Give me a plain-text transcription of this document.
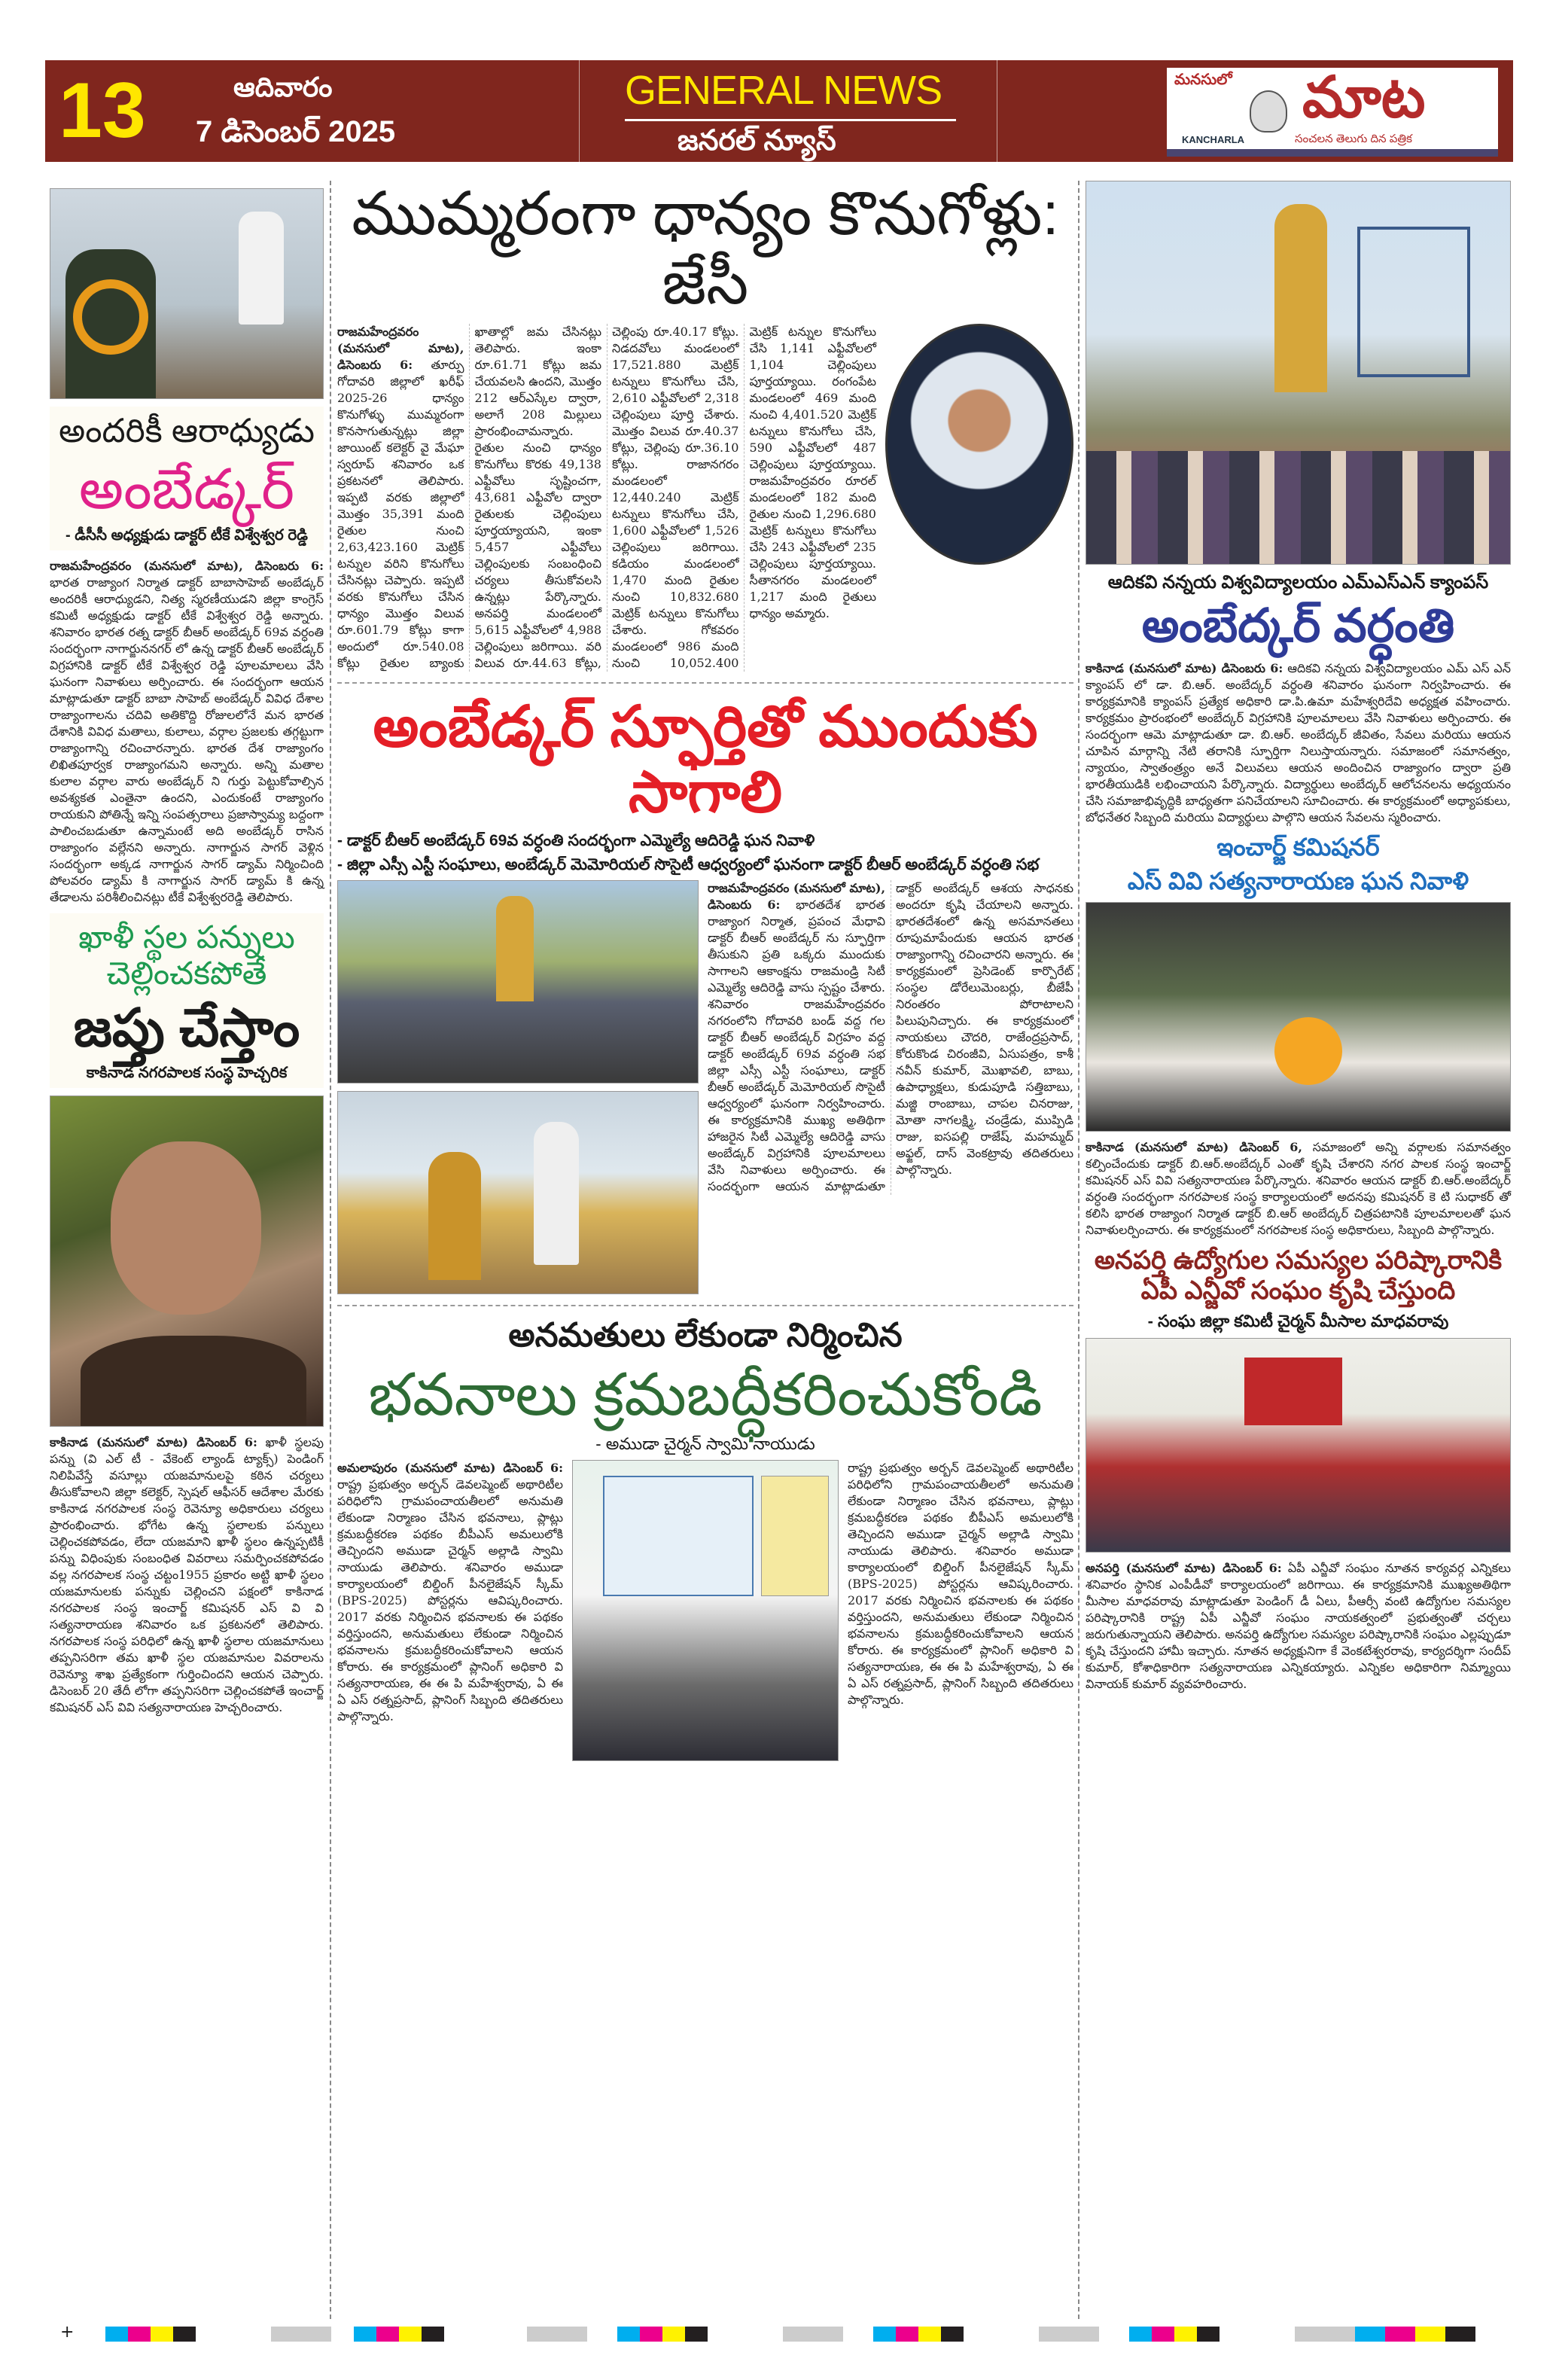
13	ఆదివారం
7 డిసెంబర్ 2025
GENERAL NEWS
జనరల్ న్యూస్
మనసులో మాట
KANCHARLA	సంచలన తెలుగు దిన పత్రిక
అందరికీ ఆరాధ్యుడు
అంబేడ్కర్
- డీసీసీ అధ్యక్షుడు డాక్టర్ టీకే విశ్వేశ్వర రెడ్డి
రాజమహేంద్రవరం (మనసులో మాట), డిసెంబరు 6: భారత రాజ్యాంగ నిర్మాత డాక్టర్ బాబాసాహెబ్ అంబేడ్కర్ అందరికీ ఆరాధ్యుడని, నిత్య స్మరణీయుడని జిల్లా కాంగ్రెస్ కమిటీ అధ్యక్షుడు డాక్టర్ టీకే విశ్వేశ్వర రెడ్డి అన్నారు. శనివారం భారత రత్న డాక్టర్ బీఆర్ అంబేడ్కర్ 69వ వర్ధంతి సందర్భంగా నాగార్జుననగర్ లో ఉన్న డాక్టర్ బీఆర్ అంబేడ్కర్ విగ్రహానికి డాక్టర్ టీకే విశ్వేశ్వర రెడ్డి పూలమాలలు వేసి ఘనంగా నివాళులు అర్పించారు. ఈ సందర్భంగా ఆయన మాట్లాడుతూ డాక్టర్ బాబా సాహెబ్ అంబేడ్కర్ వివిధ దేశాల రాజ్యాంగాలను చదివి అతికొద్ది రోజులలోనే మన భారత దేశానికి వివిధ మతాలు, కులాలు, వర్గాల ప్రజలకు తగ్గట్టుగా రాజ్యాంగాన్ని రచించారన్నారు. భారత దేశ రాజ్యాంగం లిఖితపూర్వక రాజ్యాంగమని అన్నారు. అన్ని మతాల కులాల వర్గాల వారు అంబేడ్కర్ ని గుర్తు పెట్టుకోవాల్సిన అవశ్యకత ఎంతైనా ఉందని, ఎందుకంటే రాజ్యాంగం రాయకుని పోతిన్నే ఇన్ని సంపత్సరాలు ప్రజాస్వామ్య బద్దంగా పాలించబడుతూ ఉన్నామంటే అది అంబేడ్కర్ రాసిన రాజ్యాంగం వల్లేనని అన్నారు. నాగార్జున సాగర్ వెళ్లిన సందర్భంగా అక్కడ నాగార్జున సాగర్ డ్యామ్ నిర్మించింది పోలవరం డ్యామ్ కి నాగార్జున సాగర్ డ్యామ్ కి ఉన్న తేడాలను పరిశీలించినట్లు టీకే విశ్వేశ్వరరెడ్డి తెలిపారు.
ఖాళీ స్థల పన్నులు చెల్లించకపోతే
జప్తు చేస్తాం
కాకినాడ నగరపాలక సంస్థ హెచ్చరిక
కాకినాడ (మనసులో మాట) డిసెంబర్ 6: ఖాళీ స్థలపు పన్ను (వి ఎల్ టీ - వేకెంట్ ల్యాండ్ ట్యాక్స్) పెండింగ్ నిలిపివేస్తే వసూల్లు యజమానులపై కఠిన చర్యలు తీసుకోవాలని జిల్లా కలెక్టర్, స్పెషల్ ఆఫీసర్ ఆదేశాల మేరకు కాకినాడ నగరపాలక సంస్థ రెవెన్యూ అధికారులు చర్యలు ప్రారంభించారు. భోగేట ఉన్న స్థలాలకు పన్నులు చెల్లించకపోవడం, లేదా యజమాని ఖాళీ స్థలం ఉన్నప్పటికీ పన్ను విధింపుకు సంబంధిత వివరాలు సమర్పించకపోవడం వల్ల నగరపాలక సంస్థ చట్టం1955 ప్రకారం అట్టి ఖాళీ స్థలం యజమానులకు పన్నుకు చెల్లించని పక్షంలో కాకినాడ నగరపాలక సంస్థ ఇంచార్జ్ కమిషనర్ ఎస్ వి వి సత్యనారాయణ శనివారం ఒక ప్రకటనలో తెలిపారు. నగరపాలక సంస్థ పరిధిలో ఉన్న ఖాళీ స్థలాల యజమానులు తప్పనిసరిగా తమ ఖాళీ స్థల యజమానుల వివరాలను రెవెన్యూ శాఖ ప్రత్యేకంగా గుర్తించిందని ఆయన చెప్పారు. డిసెంబర్ 20 తేదీ లోగా తప్పనిసరిగా చెల్లించకపోతే ఇంచార్జ్ కమిషనర్ ఎస్ వివి సత్యనారాయణ హెచ్చరించారు.
ముమ్మరంగా ధాన్యం కొనుగోళ్లు: జేసీ
రాజమహేంద్రవరం (మనసులో మాట), డిసెంబరు 6: తూర్పు గోదావరి జిల్లాలో ఖరీఫ్ 2025-26 ధాన్యం కొనుగోళ్ళు ముమ్మరంగా కొనసాగుతున్నట్లు జిల్లా జాయింట్ కలెక్టర్ వై మేఘా స్వరూప్ శనివారం ఒక ప్రకటనలో తెలిపారు. ఇప్పటి వరకు జిల్లాలో మొత్తం 35,391 మంది రైతుల నుంచి 2,63,423.160 మెట్రిక్ టన్నుల వరిని కొనుగోలు చేసినట్లు చెప్పారు. ఇప్పటి వరకు కొనుగోలు చేసిన ధాన్యం మొత్తం విలువ రూ.601.79 కోట్లు కాగా అందులో రూ.540.08 కోట్లు రైతుల బ్యాంకు ఖాతాల్లో జమ చేసినట్లు తెలిపారు. ఇంకా రూ.61.71 కోట్లు జమ చేయవలసి ఉందని, మొత్తం 212 ఆర్ఎస్కేల ద్వారా, అలాగే 208 మిల్లులు ప్రారంభించామన్నారు. రైతుల నుంచి ధాన్యం కొనుగోలు కొరకు 49,138 ఎఫ్టీవోలు సృష్టించగా, 43,681 ఎఫ్టీవోల ద్వారా రైతులకు చెల్లింపులు పూర్తయ్యాయని, ఇంకా 5,457 ఎఫ్టీవోలు చెల్లింపులకు సంబంధించి చర్యలు తీసుకోవలసి ఉన్నట్లు పేర్కొన్నారు. అనపర్తి మండలంలో 5,615 ఎఫ్టీవోలలో 4,988 చెల్లింపులు జరిగాయి. వరి విలువ రూ.44.63 కోట్లు, చెల్లింపు రూ.40.17 కోట్లు. నిడదవోలు మండలంలో 17,521.880 మెట్రిక్ టన్నులు కొనుగోలు చేసి, 2,610 ఎఫ్టీవోలలో 2,318 చెల్లింపులు పూర్తి చేశారు. మొత్తం విలువ రూ.40.37 కోట్లు, చెల్లింపు రూ.36.10 కోట్లు. రాజానగరం మండలంలో 12,440.240 మెట్రిక్ టన్నులు కొనుగోలు చేసి, 1,600 ఎఫ్టీవోలలో 1,526 చెల్లింపులు జరిగాయి. కడియం మండలంలో 1,470 మంది రైతుల నుంచి 10,832.680 మెట్రిక్ టన్నులు కొనుగోలు చేశారు. గోకవరం మండలంలో 986 మంది నుంచి 10,052.400 మెట్రిక్ టన్నుల కొనుగోలు చేసి 1,141 ఎఫ్టీవోలలో 1,104 చెల్లింపులు పూర్తయ్యాయి. రంగంపేట మండలంలో 469 మంది నుంచి 4,401.520 మెట్రిక్ టన్నులు కొనుగోలు చేసి, 590 ఎఫ్టీవోలలో 487 చెల్లింపులు పూర్తయ్యాయి. రాజమహేంద్రవరం రూరల్ మండలంలో 182 మంది రైతుల నుంచి 1,296.680 మెట్రిక్ టన్నులు కొనుగోలు చేసి 243 ఎఫ్టీవోలలో 235 చెల్లింపులు పూర్తయ్యాయి. సీతానగరం మండలంలో 1,217 మంది రైతులు ధాన్యం అమ్మారు.
అంబేడ్కర్ స్ఫూర్తితో ముందుకు సాగాలి
- డాక్టర్ బీఆర్ అంబేడ్కర్ 69వ వర్ధంతి సందర్భంగా ఎమ్మెల్యే ఆదిరెడ్డి ఘన నివాళి
- జిల్లా ఎస్సీ ఎస్టీ సంఘాలు, అంబేడ్కర్ మెమోరియల్ సొసైటీ ఆధ్వర్యంలో ఘనంగా డాక్టర్ బీఆర్ అంబేడ్కర్ వర్ధంతి సభ
రాజమహేంద్రవరం (మనసులో మాట), డిసెంబరు 6: భారతదేశ భారత రాజ్యాంగ నిర్మాత, ప్రపంచ మేధావి డాక్టర్ బీఆర్ అంబేడ్కర్ ను స్ఫూర్తిగా తీసుకుని ప్రతి ఒక్కరు ముందుకు సాగాలని ఆకాంక్షను రాజమండ్రి సిటీ ఎమ్మెల్యే ఆదిరెడ్డి వాసు స్పష్టం చేశారు. శనివారం రాజమహేంద్రవరం నగరంలోని గోదావరి బండ్ వద్ద గల డాక్టర్ బీఆర్ అంబేడ్కర్ విగ్రహం వద్ద డాక్టర్ అంబేడ్కర్ 69వ వర్ధంతి సభ జిల్లా ఎస్సీ ఎస్టీ సంఘాలు, డాక్టర్ బీఆర్ అంబేడ్కర్ మెమోరియల్ సొసైటీ ఆధ్వర్యంలో ఘనంగా నిర్వహించారు. ఈ కార్యక్రమానికి ముఖ్య అతిథిగా హాజరైన సిటీ ఎమ్మెల్యే ఆదిరెడ్డి వాసు అంబేడ్కర్ విగ్రహానికి పూలమాలలు వేసి నివాళులు అర్పించారు. ఈ సందర్భంగా ఆయన మాట్లాడుతూ డాక్టర్ అంబేడ్కర్ ఆశయ సాధనకు అందరూ కృషి చేయాలని అన్నారు. భారతదేశంలో ఉన్న అసమానతలు రూపుమాపేందుకు ఆయన భారత రాజ్యాంగాన్ని రచించారని అన్నారు. ఈ కార్యక్రమంలో ప్రెసిడెంట్ కార్పొరేట్ సంస్థల డోరేలుమెంబర్లు, బీజేపీ నిరంతరం పోరాటాలని పిలుపునిచ్చారు. ఈ కార్యక్రమంలో నాయకులు చౌదరి, రాజేంద్రప్రసాద్, కోరుకొండ చిరంజీవి, ఏసుపత్రం, కాశీ నవీన్ కుమార్, మొఖావలి, బాబు, ఉపాధ్యాక్షలు, కుడుపూడి సత్తిబాబు, మజ్జి రాంబాబు, చాపల చినరాజు, మోతా నాగలక్ష్మి, చండ్రేడు, ముప్పిడి రాజు, ఐసపల్లి రాజేష్, మహమ్మద్ అఫ్జల్, దాస్ వెంకట్రావు తదితరులు పాల్గొన్నారు.
అనమతులు లేకుండా నిర్మించిన
భవనాలు క్రమబద్ధీకరించుకోండి
- అముడా చైర్మన్ స్వామి నాయుడు
అమలాపురం (మనసులో మాట) డిసెంబర్ 6: రాష్ట్ర ప్రభుత్వం అర్బన్ డెవలప్మెంట్ అథారిటీల పరిధిలోని గ్రామపంచాయతీలలో అనుమతి లేకుండా నిర్మాణం చేసిన భవనాలు, ప్లాట్లు క్రమబద్ధీకరణ పథకం బీపీఎస్ అమలులోకి తెచ్చిందని అముడా చైర్మన్ అల్లాడి స్వామి నాయుడు తెలిపారు. శనివారం అముడా కార్యాలయంలో బిల్డింగ్ పీనలైజేషన్ స్కీమ్ (BPS-2025) పోస్టర్లను ఆవిష్కరించారు. 2017 వరకు నిర్మించిన భవనాలకు ఈ పథకం వర్తిస్తుందని, అనుమతులు లేకుండా నిర్మించిన భవనాలను క్రమబద్ధీకరించుకోవాలని ఆయన కోరారు. ఈ కార్యక్రమంలో ప్లానింగ్ అధికారి వి సత్యనారాయణ, ఈ ఈ పి మహేశ్వరావు, ఏ ఈ ఏ ఎస్ రత్నప్రసాద్, ప్లానింగ్ సిబ్బంది తదితరులు పాల్గొన్నారు.
రాష్ట్ర ప్రభుత్వం అర్బన్ డెవలప్మెంట్ అథారిటీల పరిధిలోని గ్రామపంచాయతీలలో అనుమతి లేకుండా నిర్మాణం చేసిన భవనాలు, ప్లాట్లు క్రమబద్ధీకరణ పథకం బీపీఎస్ అమలులోకి తెచ్చిందని అముడా చైర్మన్ అల్లాడి స్వామి నాయుడు తెలిపారు. శనివారం అముడా కార్యాలయంలో బిల్డింగ్ పీనలైజేషన్ స్కీమ్ (BPS-2025) పోస్టర్లను ఆవిష్కరించారు. 2017 వరకు నిర్మించిన భవనాలకు ఈ పథకం వర్తిస్తుందని, అనుమతులు లేకుండా నిర్మించిన భవనాలను క్రమబద్ధీకరించుకోవాలని ఆయన కోరారు. ఈ కార్యక్రమంలో ప్లానింగ్ అధికారి వి సత్యనారాయణ, ఈ ఈ పి మహేశ్వరావు, ఏ ఈ ఏ ఎస్ రత్నప్రసాద్, ప్లానింగ్ సిబ్బంది తదితరులు పాల్గొన్నారు.
ఆదికవి నన్నయ విశ్వవిద్యాలయం ఎమ్ఎస్ఎన్ క్యాంపస్
అంబేద్కర్ వర్ధంతి
కాకినాడ (మనసులో మాట) డిసెంబరు 6: ఆదికవి నన్నయ విశ్వవిద్యాలయం ఎమ్ ఎస్ ఎన్ క్యాంపస్ లో డా. బి.ఆర్. అంబేద్కర్ వర్ధంతి శనివారం ఘనంగా నిర్వహించారు. ఈ కార్యక్రమానికి క్యాంపస్ ప్రత్యేక అధికారి డా.పి.ఉమా మహేశ్వరిదేవి అధ్యక్షత వహించారు. కార్యక్రమం ప్రారంభంలో అంబేద్కర్ విగ్రహానికి పూలమాలలు వేసి నివాళులు అర్పించారు. ఈ సందర్భంగా ఆమె మాట్లాడుతూ డా. బి.ఆర్. అంబేద్కర్ జీవితం, సేవలు మరియు ఆయన చూపిన మార్గాన్ని నేటి తరానికి స్ఫూర్తిగా నిలుస్తాయన్నారు. సమాజంలో సమానత్వం, న్యాయం, స్వాతంత్ర్యం అనే విలువలు ఆయన అందించిన రాజ్యాంగం ద్వారా ప్రతి భారతీయుడికి లభించాయని పేర్కొన్నారు. విద్యార్థులు అంబేద్కర్ ఆలోచనలను అధ్యయనం చేసి సమాజాభివృద్ధికి బాధ్యతగా పనిచేయాలని సూచించారు. ఈ కార్యక్రమంలో అధ్యాపకులు, బోధనేతర సిబ్బంది మరియు విద్యార్థులు పాల్గొని ఆయన సేవలను స్మరించారు.
ఇంచార్జ్ కమిషనర్
ఎస్ వివి సత్యనారాయణ ఘన నివాళి
కాకినాడ (మనసులో మాట) డిసెంబర్ 6, సమాజంలో అన్ని వర్గాలకు సమానత్వం కల్పించేందుకు డాక్టర్ బి.ఆర్.అంబేద్కర్ ఎంతో కృషి చేశారని నగర పాలక సంస్థ ఇంచార్జ్ కమిషనర్ ఎస్ వివి సత్యనారాయణ పేర్కొన్నారు. శనివారం ఆయన డాక్టర్ బి.ఆర్.అంబేద్కర్ వర్ధంతి సందర్భంగా నగరపాలక సంస్థ కార్యాలయంలో అదనపు కమిషనర్ కె టి సుధాకర్ తో కలిసి భారత రాజ్యాంగ నిర్మాత డాక్టర్ బి.ఆర్ అంబేద్కర్ చిత్రపటానికి పూలమాలలతో ఘన నివాళులర్పించారు. ఈ కార్యక్రమంలో నగరపాలక సంస్థ అధికారులు, సిబ్బంది పాల్గొన్నారు.
అనపర్తి ఉద్యోగుల సమస్యల పరిష్కారానికి ఏపీ ఎన్జీవో సంఘం కృషి చేస్తుంది
- సంఘ జిల్లా కమిటీ చైర్మన్ మీసాల మాధవరావు
అనపర్తి (మనసులో మాట) డిసెంబర్ 6: ఏపీ ఎన్జీవో సంఘం నూతన కార్యవర్గ ఎన్నికలు శనివారం స్థానిక ఎంపీడీవో కార్యాలయంలో జరిగాయి. ఈ కార్యక్రమానికి ముఖ్యఅతిథిగా మీసాల మాధవరావు మాట్లాడుతూ పెండింగ్ డీ ఏలు, పీఆర్సీ వంటి ఉద్యోగుల సమస్యల పరిష్కారానికి రాష్ట్ర ఏపీ ఎన్జీవో సంఘం నాయకత్వంలో ప్రభుత్వంతో చర్చలు జరుగుతున్నాయని తెలిపారు. అనపర్తి ఉద్యోగుల సమస్యల పరిష్కారానికి సంఘం ఎల్లప్పుడూ కృషి చేస్తుందని హామీ ఇచ్చారు. నూతన అధ్యక్షునిగా కే వెంకటేశ్వరరావు, కార్యదర్శిగా సందీప్ కుమార్, కోశాధికారిగా సత్యనారాయణ ఎన్నికయ్యారు. ఎన్నికల అధికారిగా నిమ్మ్యాయి వినాయక్ కుమార్ వ్యవహరించారు.
+
